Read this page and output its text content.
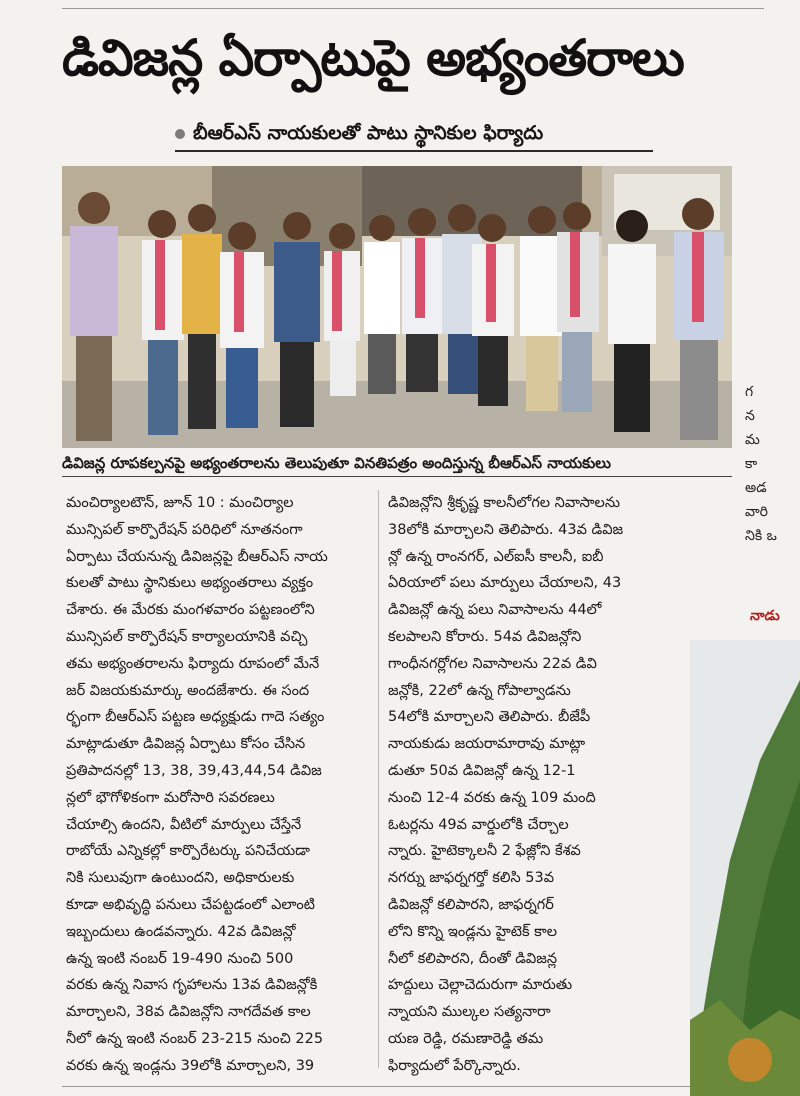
డివిజన్ల ఏర్పాటుపై అభ్యంతరాలు
బీఆర్ఎస్ నాయకులతో పాటు స్థానికుల ఫిర్యాదు
డివిజన్ల రూపకల్పనపై అభ్యంతరాలను తెలుపుతూ వినతిపత్రం అందిస్తున్న బీఆర్ఎస్ నాయకులు
మంచిర్యాలటౌన్, జూన్ 10 : మంచిర్యాల
మున్సిపల్ కార్పొరేషన్ పరిధిలో నూతనంగా
ఏర్పాటు చేయనున్న డివిజన్లపై బీఆర్ఎస్ నాయ
కులతో పాటు స్థానికులు అభ్యంతరాలు వ్యక్తం
చేశారు. ఈ మేరకు మంగళవారం పట్టణంలోని
మున్సిపల్ కార్పొరేషన్ కార్యాలయానికి వచ్చి
తమ అభ్యంతరాలను ఫిర్యాదు రూపంలో మేనే
జర్ విజయకుమార్కు అందజేశారు. ఈ సంద
ర్భంగా బీఆర్ఎస్ పట్టణ అధ్యక్షుడు గాదె సత్యం
మాట్లాడుతూ డివిజన్ల ఏర్పాటు కోసం చేసిన
ప్రతిపాదనల్లో 13, 38, 39,43,44,54 డివిజ
న్లలో భౌగోళికంగా మరోసారి సవరణలు
చేయాల్సి ఉందని, వీటిలో మార్పులు చేస్తేనే
రాబోయే ఎన్నికల్లో కార్పొరేటర్కు పనిచేయడా
నికి సులువుగా ఉంటుందని, అధికారులకు
కూడా అభివృద్ధి పనులు చేపట్టడంలో ఎలాంటి
ఇబ్బందులు ఉండవన్నారు. 42వ డివిజన్లో
ఉన్న ఇంటి నంబర్ 19-490 నుంచి 500
వరకు ఉన్న నివాస గృహాలను 13వ డివిజన్లోకి
మార్చాలని, 38వ డివిజన్లోని నాగదేవత కాల
నీలో ఉన్న ఇంటి నంబర్ 23-215 నుంచి 225
వరకు ఉన్న ఇండ్లను 39లోకి మార్చాలని, 39
డివిజన్లోని శ్రీకృష్ణ కాలనీలోగల నివాసాలను
38లోకి మార్చాలని తెలిపారు. 43వ డివిజ
న్లో ఉన్న రాంనగర్, ఎల్ఐసీ కాలనీ, ఐబీ
ఏరియాలో పలు మార్పులు చేయాలని, 43
డివిజన్లో ఉన్న పలు నివాసాలను 44లో
కలపాలని కోరారు. 54వ డివిజన్లోని
గాంధీనగర్లోగల నివాసాలను 22వ డివి
జన్లోకి, 22లో ఉన్న గోపాల్వాడను
54లోకి మార్చాలని తెలిపారు. బీజేపీ
నాయకుడు జయరామారావు మాట్లా
డుతూ 50వ డివిజన్లో ఉన్న 12-1
నుంచి 12-4 వరకు ఉన్న 109 మంది
ఓటర్లను 49వ వార్డులోకి చేర్చాల
న్నారు. హైటెక్కాలనీ 2 ఫేజ్లోని కేశవ
నగర్ను జాఫర్నగర్తో కలిసి 53వ
డివిజన్లో కలిపారని, జాఫర్నగర్
లోని కొన్ని ఇండ్లను హైటెక్ కాల
నీలో కలిపారని, దీంతో డివిజన్ల
హద్దులు చెల్లాచెదురుగా మారుతు
న్నాయని ముల్కల సత్యనారా
యణ రెడ్డి, రమణారెడ్డి తమ
ఫిర్యాదులో పేర్కొన్నారు.
గ
న
మ
కా
అడ
వారి
నికి ఒ
నాడు
